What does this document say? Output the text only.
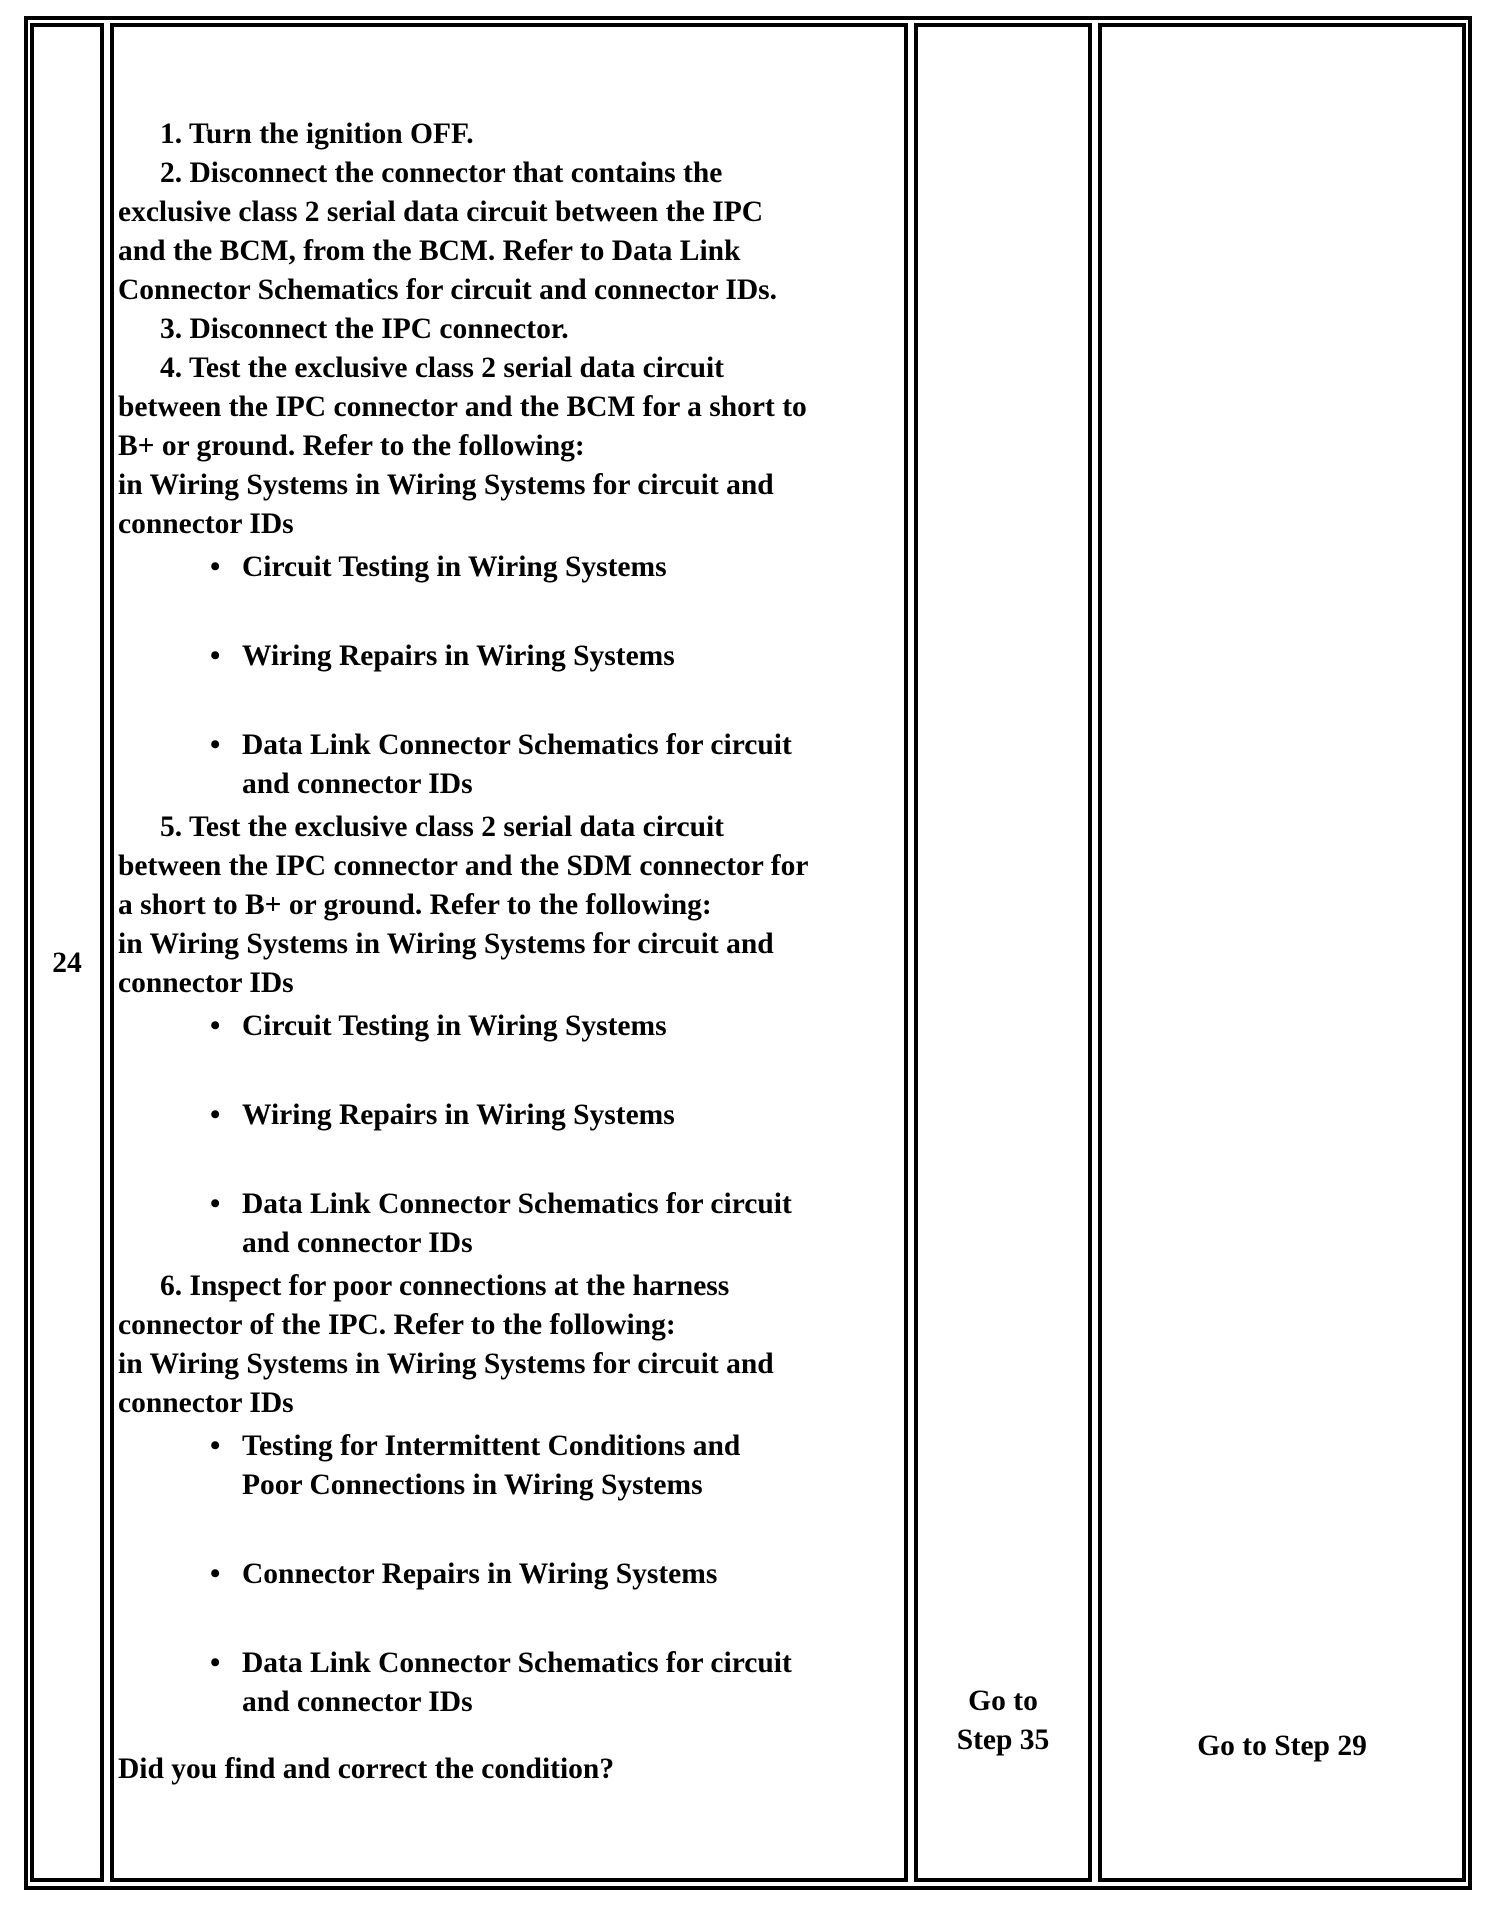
24

1. Turn the ignition OFF.

2. Disconnect the connector that contains the

exclusive class 2 serial data circuit between the IPC

and the BCM, from the BCM. Refer to Data Link

Connector Schematics for circuit and connector IDs.

3. Disconnect the IPC connector.

4. Test the exclusive class 2 serial data circuit

between the IPC connector and the BCM for a short to

B+ or ground. Refer to the following:

in Wiring Systems in Wiring Systems for circuit and

connector IDs

• Circuit Testing in Wiring Systems

• Wiring Repairs in Wiring Systems

• Data Link Connector Schematics for circuit

and connector IDs

5. Test the exclusive class 2 serial data circuit

between the IPC connector and the SDM connector for

a short to B+ or ground. Refer to the following:

in Wiring Systems in Wiring Systems for circuit and

connector IDs

• Circuit Testing in Wiring Systems

• Wiring Repairs in Wiring Systems

• Data Link Connector Schematics for circuit

and connector IDs

6. Inspect for poor connections at the harness

connector of the IPC. Refer to the following:

in Wiring Systems in Wiring Systems for circuit and

connector IDs

• Testing for Intermittent Conditions and

Poor Connections in Wiring Systems

• Connector Repairs in Wiring Systems

• Data Link Connector Schematics for circuit

and connector IDs

Did you find and correct the condition?

Go to
Step 35	Go to Step 29
